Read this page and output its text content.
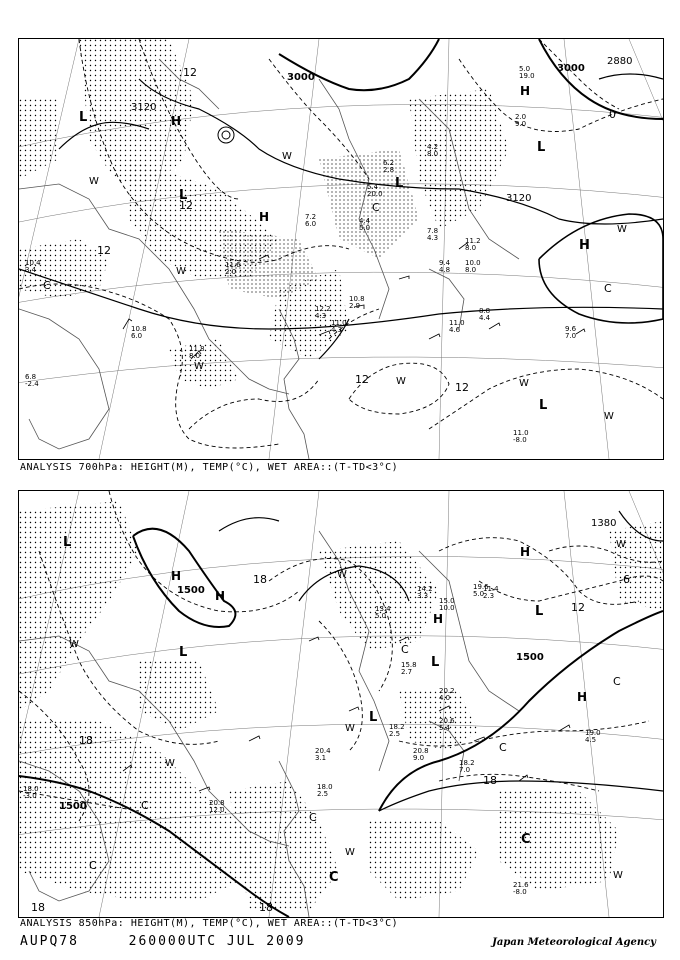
3120
3000
3000
2880
3120
12
12
12
12
12
0
L	H
L
L
H
H
L
H
L
C	C
C
W
W
W
W	W
W
W
W
10.8 6.0
11.8 8.0
6.8 -2.4
10.4 3.4
11.6 2.0
12.2 4.3
11.0 4.3
10.8 2.9
11.0 4.6
8.8 4.4
9.6 7.0
11.0 -8.0
7.2 6.0
5.4 20.0
4.4 5.0
6.2 2.8
4.2 8.0
5.0 19.0
2.0 9.0
11.2 8.0
10.0 8.0
9.4 4.8
7.8 4.3
ANALYSIS 700hPa: HEIGHT(M), TEMP(°C), WET AREA::(T-TD<3°C)
1500
1500
1500
1380
18
18
18
18
12
6
18
L
H
H
L
H
H
L
H
C
L
L
C
C
C
C
C
W
W
W
W
W
W
W
C
C
18.0 -3.0
20.8 9.0
18.2 2.5
20.2 4.0
20.6 5.4
18.2 7.0
19.0 4.5
21.6 -8.0
20.8 12.0
15.0 10.0
14.2 3.3
19.6 5.0
13.4 5.0
11.4 2.3
15.8 2.7
20.4 3.1
18.0 2.5
ANALYSIS 850hPa: HEIGHT(M), TEMP(°C), WET AREA::(T-TD<3°C)
AUPQ78	260000UTC JUL 2009	Japan Meteorological Agency
